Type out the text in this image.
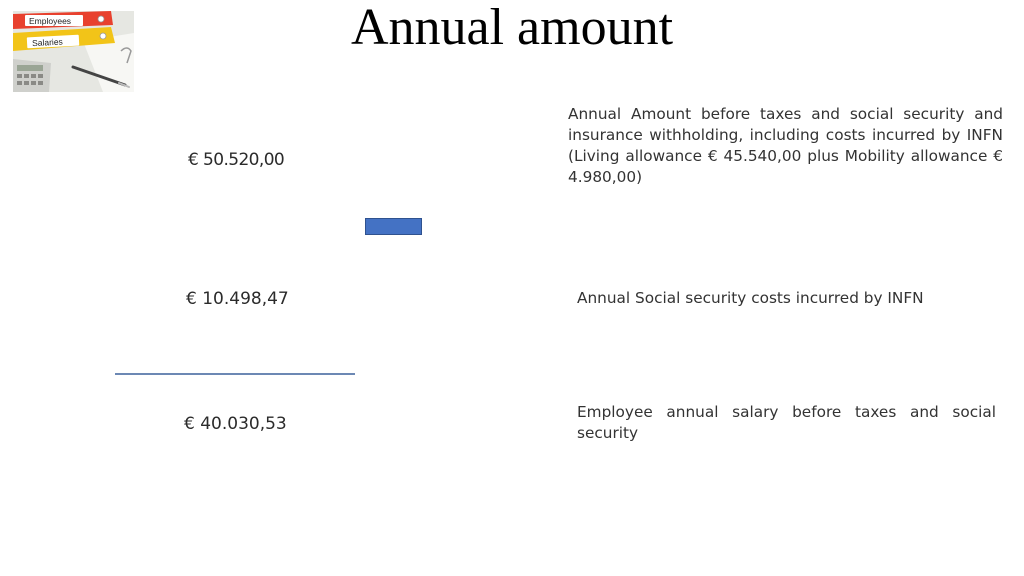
Annual amount
Employees
Salaries
€ 50.520,00
Annual Amount before taxes and social security and insurance withholding, including costs incurred by INFN (Living allowance € 45.540,00 plus Mobility allowance € 4.980,00)
€ 10.498,47	Annual Social security costs incurred by INFN
€ 40.030,53
Employee annual salary before taxes and social security
